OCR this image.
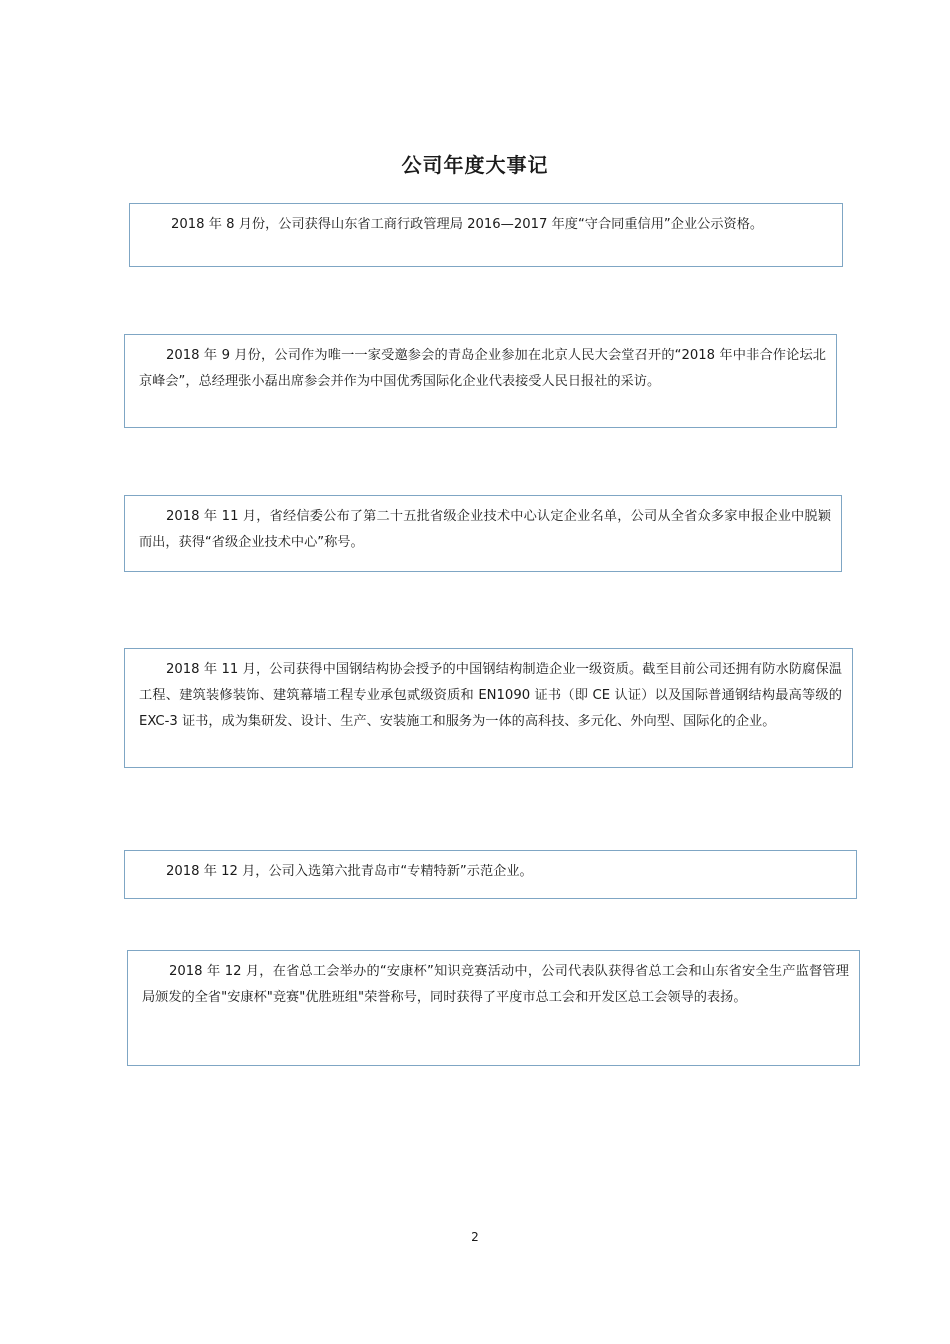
公司年度大事记

2018 年 8 月份，公司获得山东省工商行政管理局 2016—2017 年度“守合同重信用”企业公示资格。

2018 年 9 月份，公司作为唯一一家受邀参会的青岛企业参加在北京人民大会堂召开的“2018 年中非合作论坛北京峰会”，总经理张小磊出席参会并作为中国优秀国际化企业代表接受人民日报社的采访。

2018 年 11 月，省经信委公布了第二十五批省级企业技术中心认定企业名单，公司从全省众多家申报企业中脱颖而出，获得“省级企业技术中心”称号。

2018 年 11 月，公司获得中国钢结构协会授予的中国钢结构制造企业一级资质。截至目前公司还拥有防水防腐保温工程、建筑装修装饰、建筑幕墙工程专业承包贰级资质和 EN1090 证书（即 CE 认证）以及国际普通钢结构最高等级的 EXC-3 证书，成为集研发、设计、生产、安装施工和服务为一体的高科技、多元化、外向型、国际化的企业。

2018 年 12 月，公司入选第六批青岛市“专精特新”示范企业。

2018 年 12 月，在省总工会举办的“安康杯”知识竞赛活动中，公司代表队获得省总工会和山东省安全生产监督管理局颁发的全省"安康杯"竞赛"优胜班组"荣誉称号，同时获得了平度市总工会和开发区总工会领导的表扬。

2
